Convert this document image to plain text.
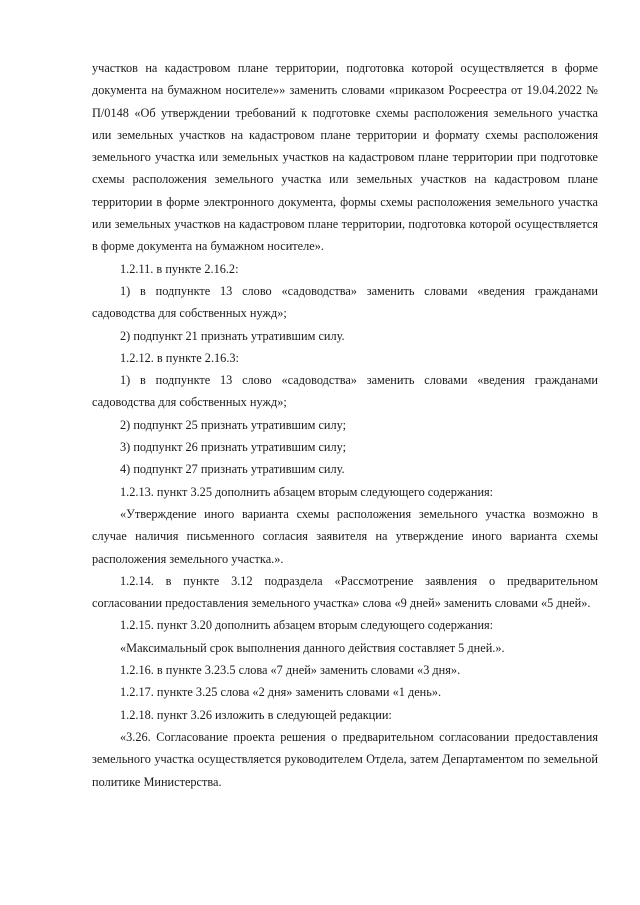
участков на кадастровом плане территории, подготовка которой осуществляется в форме документа на бумажном носителе»» заменить словами «приказом Росреестра от 19.04.2022 № П/0148 «Об утверждении требований к подготовке схемы расположения земельного участка или земельных участков на кадастровом плане территории и формату схемы расположения земельного участка или земельных участков на кадастровом плане территории при подготовке схемы расположения земельного участка или земельных участков на кадастровом плане территории в форме электронного документа, формы схемы расположения земельного участка или земельных участков на кадастровом плане территории, подготовка которой осуществляется в форме документа на бумажном носителе».

1.2.11. в пункте 2.16.2:

1) в подпункте 13 слово «садоводства» заменить словами «ведения гражданами садоводства для собственных нужд»;

2) подпункт 21 признать утратившим силу.

1.2.12. в пункте 2.16.3:

1) в подпункте 13 слово «садоводства» заменить словами «ведения гражданами садоводства для собственных нужд»;

2) подпункт 25 признать утратившим силу;

3) подпункт 26 признать утратившим силу;

4) подпункт 27 признать утратившим силу.

1.2.13. пункт 3.25 дополнить абзацем вторым следующего содержания:

«Утверждение иного варианта схемы расположения земельного участка возможно в случае наличия письменного согласия заявителя на утверждение иного варианта схемы расположения земельного участка.».

1.2.14. в пункте 3.12 подраздела «Рассмотрение заявления о предварительном согласовании предоставления земельного участка» слова «9 дней» заменить словами «5 дней».

1.2.15. пункт 3.20 дополнить абзацем вторым следующего содержания:

«Максимальный срок выполнения данного действия составляет 5 дней.».

1.2.16. в пункте 3.23.5 слова «7 дней» заменить словами «3 дня».

1.2.17. пункте 3.25 слова «2 дня» заменить словами «1 день».

1.2.18. пункт 3.26 изложить в следующей редакции:

«3.26. Согласование проекта решения о предварительном согласовании предоставления земельного участка осуществляется руководителем Отдела, затем Департаментом по земельной политике Министерства.
